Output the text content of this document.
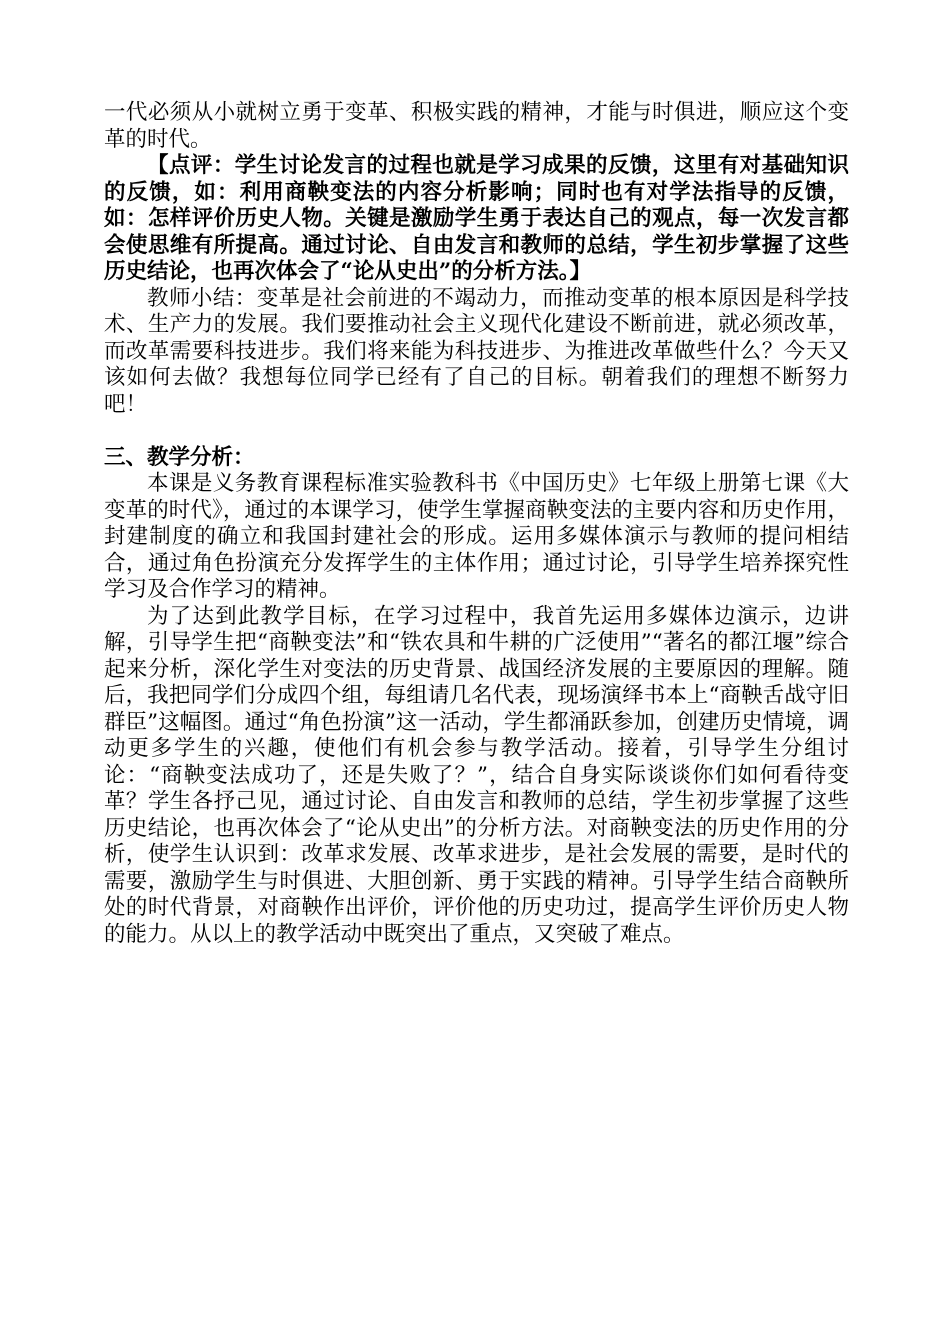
一代必须从小就树立勇于变革、积极实践的精神，才能与时俱进，顺应这个变革的时代。

【点评：学生讨论发言的过程也就是学习成果的反馈，这里有对基础知识的反馈，如：利用商鞅变法的内容分析影响；同时也有对学法指导的反馈，如：怎样评价历史人物。关键是激励学生勇于表达自己的观点，每一次发言都会使思维有所提高。通过讨论、自由发言和教师的总结，学生初步掌握了这些历史结论，也再次体会了“论从史出”的分析方法。】

教师小结：变革是社会前进的不竭动力，而推动变革的根本原因是科学技术、生产力的发展。我们要推动社会主义现代化建设不断前进，就必须改革，而改革需要科技进步。我们将来能为科技进步、为推进改革做些什么？今天又该如何去做？我想每位同学已经有了自己的目标。朝着我们的理想不断努力吧！

三、教学分析：

本课是义务教育课程标准实验教科书《中国历史》七年级上册第七课《大变革的时代》，通过的本课学习，使学生掌握商鞅变法的主要内容和历史作用，封建制度的确立和我国封建社会的形成。运用多媒体演示与教师的提问相结合，通过角色扮演充分发挥学生的主体作用；通过讨论，引导学生培养探究性学习及合作学习的精神。

为了达到此教学目标，在学习过程中，我首先运用多媒体边演示，边讲解，引导学生把“商鞅变法”和“铁农具和牛耕的广泛使用”“著名的都江堰”综合起来分析，深化学生对变法的历史背景、战国经济发展的主要原因的理解。随后，我把同学们分成四个组，每组请几名代表，现场演绎书本上“商鞅舌战守旧群臣”这幅图。通过“角色扮演”这一活动，学生都涌跃参加，创建历史情境，调动更多学生的兴趣，使他们有机会参与教学活动。接着，引导学生分组讨论：“商鞅变法成功了，还是失败了？”，结合自身实际谈谈你们如何看待变革？学生各抒己见，通过讨论、自由发言和教师的总结，学生初步掌握了这些历史结论，也再次体会了“论从史出”的分析方法。对商鞅变法的历史作用的分析，使学生认识到：改革求发展、改革求进步，是社会发展的需要，是时代的需要，激励学生与时俱进、大胆创新、勇于实践的精神。引导学生结合商鞅所处的时代背景，对商鞅作出评价，评价他的历史功过，提高学生评价历史人物的能力。从以上的教学活动中既突出了重点，又突破了难点。
